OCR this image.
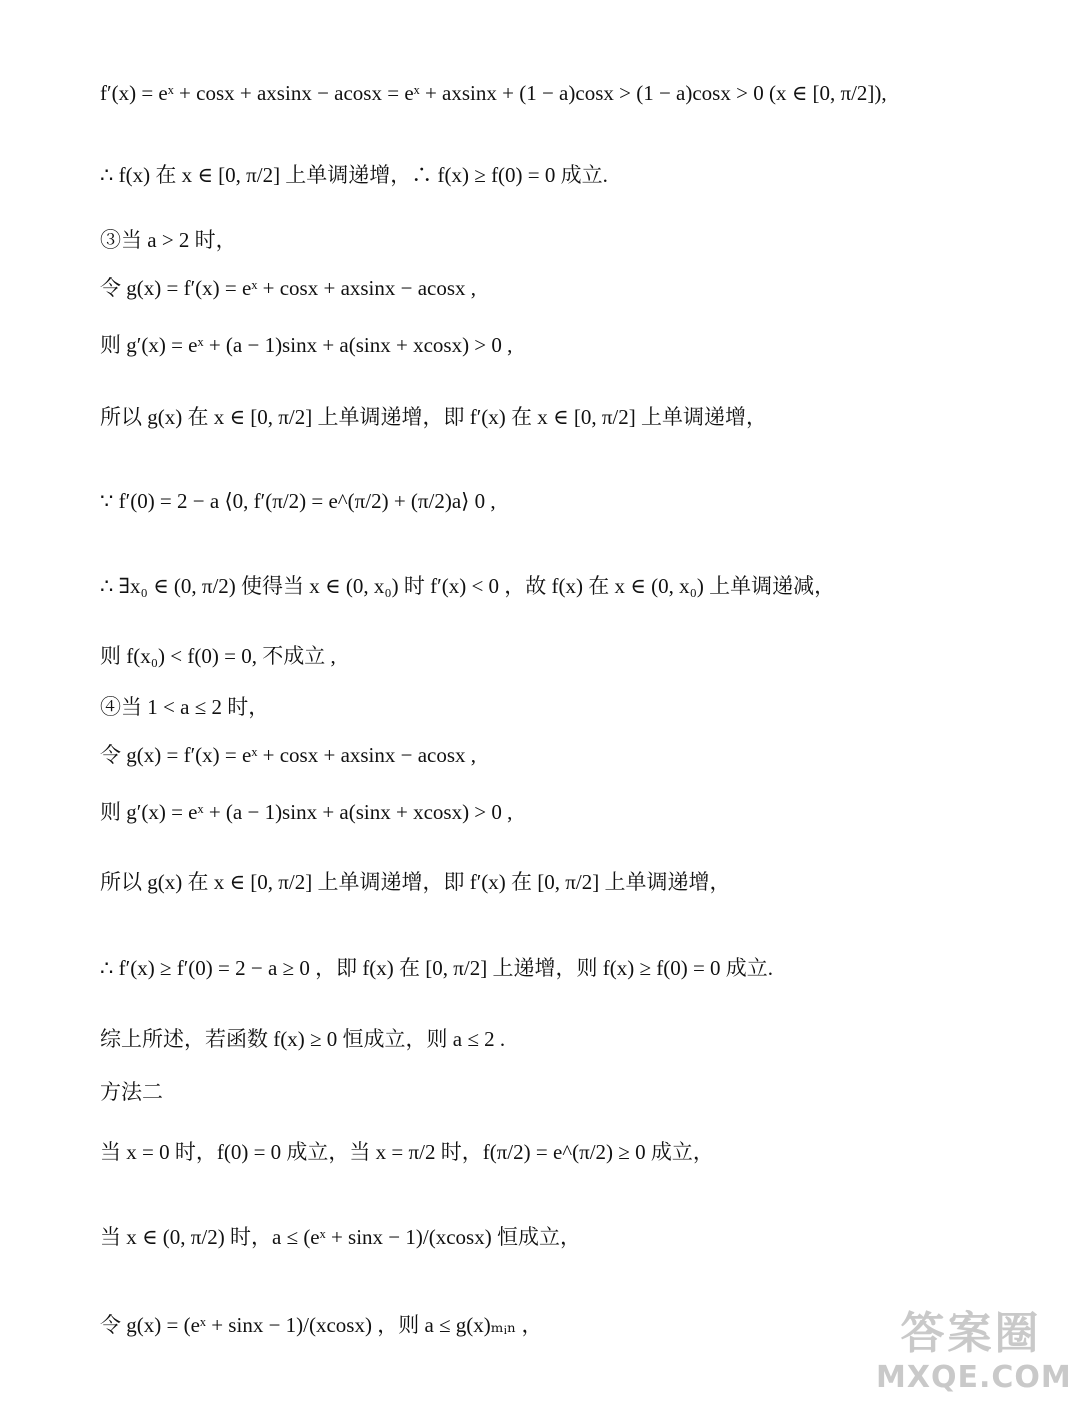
f′(x) = eˣ + cosx + axsinx − acosx = eˣ + axsinx + (1 − a)cosx > (1 − a)cosx > 0 (x ∈ [0, π/2]),
∴ f(x) 在 x ∈ [0, π/2] 上单调递增，∴ f(x) ≥ f(0) = 0 成立.
③当 a > 2 时，
令 g(x) = f′(x) = eˣ + cosx + axsinx − acosx ,
则 g′(x) = eˣ + (a − 1)sinx + a(sinx + xcosx) > 0 ,
所以 g(x) 在 x ∈ [0, π/2] 上单调递增，即 f′(x) 在 x ∈ [0, π/2] 上单调递增，
∵ f′(0) = 2 − a ⟨0, f′(π/2) = e^(π/2) + (π/2)a⟩ 0 ,
∴ ∃x₀ ∈ (0, π/2) 使得当 x ∈ (0, x₀) 时 f′(x) < 0 ，故 f(x) 在 x ∈ (0, x₀) 上单调递减，
则 f(x₀) < f(0) = 0, 不成立 ,
④当 1 < a ≤ 2 时，
令 g(x) = f′(x) = eˣ + cosx + axsinx − acosx ,
则 g′(x) = eˣ + (a − 1)sinx + a(sinx + xcosx) > 0 ,
所以 g(x) 在 x ∈ [0, π/2] 上单调递增，即 f′(x) 在 [0, π/2] 上单调递增，
∴ f′(x) ≥ f′(0) = 2 − a ≥ 0 ，即 f(x) 在 [0, π/2] 上递增，则 f(x) ≥ f(0) = 0 成立.
综上所述，若函数 f(x) ≥ 0 恒成立，则 a ≤ 2 .
方法二
当 x = 0 时，f(0) = 0 成立，当 x = π/2 时，f(π/2) = e^(π/2) ≥ 0 成立，
当 x ∈ (0, π/2) 时，a ≤ (eˣ + sinx − 1)/(xcosx) 恒成立，
令 g(x) = (eˣ + sinx − 1)/(xcosx) ，则 a ≤ g(x)ₘᵢₙ ，	答案圈
MXQE.COM
